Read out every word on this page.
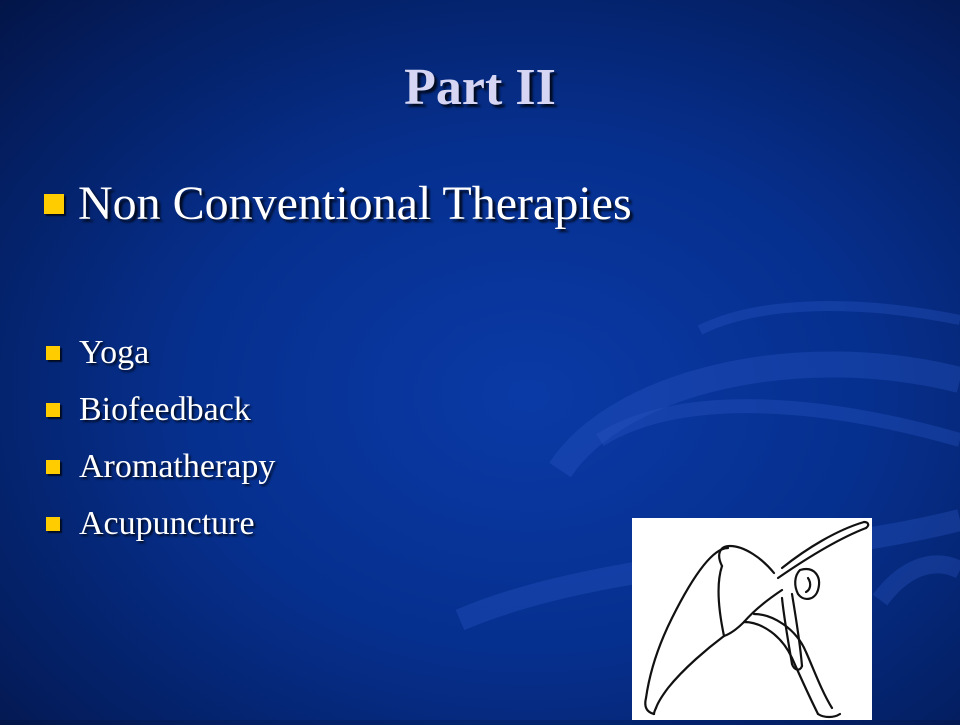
Part II
Non Conventional Therapies
Yoga
Biofeedback
Aromatherapy
Acupuncture
